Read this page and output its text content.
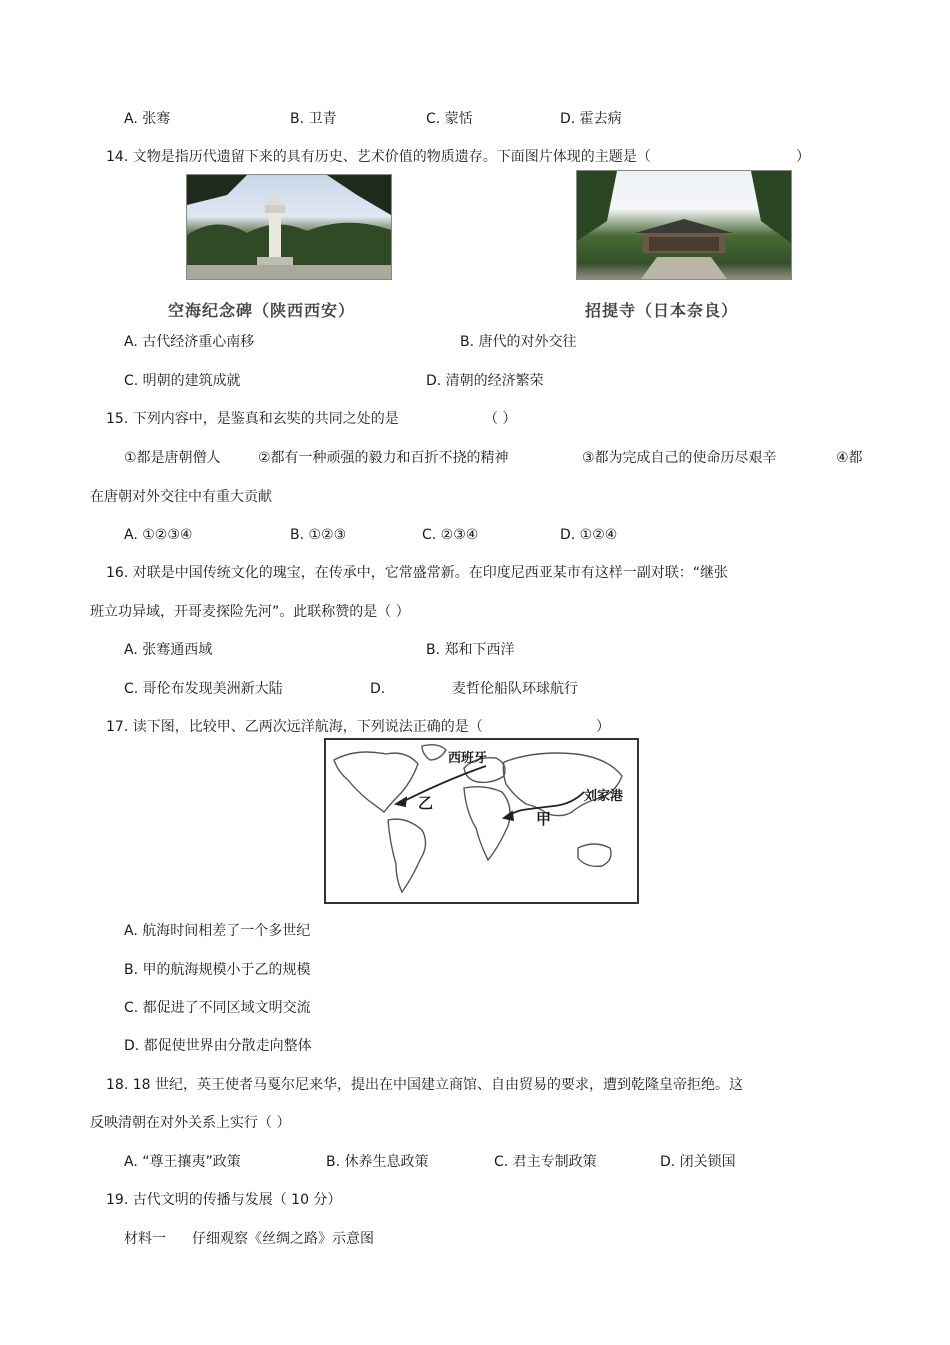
A. 张骞	B. 卫青	C. 蒙恬	D. 霍去病
14. 文物是指历代遗留下来的具有历史、艺术价值的物质遗存。下面图片体现的主题是（	）
空海纪念碑（陕西西安）	招提寺（日本奈良）
A. 古代经济重心南移	B. 唐代的对外交往
C. 明朝的建筑成就	D. 清朝的经济繁荣
15. 下列内容中，是鉴真和玄奘的共同之处的是	（ ）
①都是唐朝僧人	②都有一种顽强的毅力和百折不挠的精神	③都为完成自己的使命历尽艰辛	④都
在唐朝对外交往中有重大贡献
A. ①②③④	B. ①②③	C. ②③④	D. ①②④
16. 对联是中国传统文化的瑰宝，在传承中，它常盛常新。在印度尼西亚某市有这样一副对联：“继张
班立功异域，开哥麦探险先河”。此联称赞的是（ ）
A. 张骞通西域	B. 郑和下西洋
C. 哥伦布发现美洲新大陆	D.	麦哲伦船队环球航行
17. 读下图，比较甲、乙两次远洋航海，下列说法正确的是（	）
西班牙
乙
甲
刘家港
A. 航海时间相差了一个多世纪
B. 甲的航海规模小于乙的规模
C. 都促进了不同区域文明交流
D. 都促使世界由分散走向整体
18. 18 世纪，英王使者马戛尔尼来华，提出在中国建立商馆、自由贸易的要求，遭到乾隆皇帝拒绝。这
反映清朝在对外关系上实行（ ）
A. “尊王攘夷”政策	B. 休养生息政策	C. 君主专制政策	D. 闭关锁国
19. 古代文明的传播与发展（ 10 分）
材料一 仔细观察《丝绸之路》示意图
